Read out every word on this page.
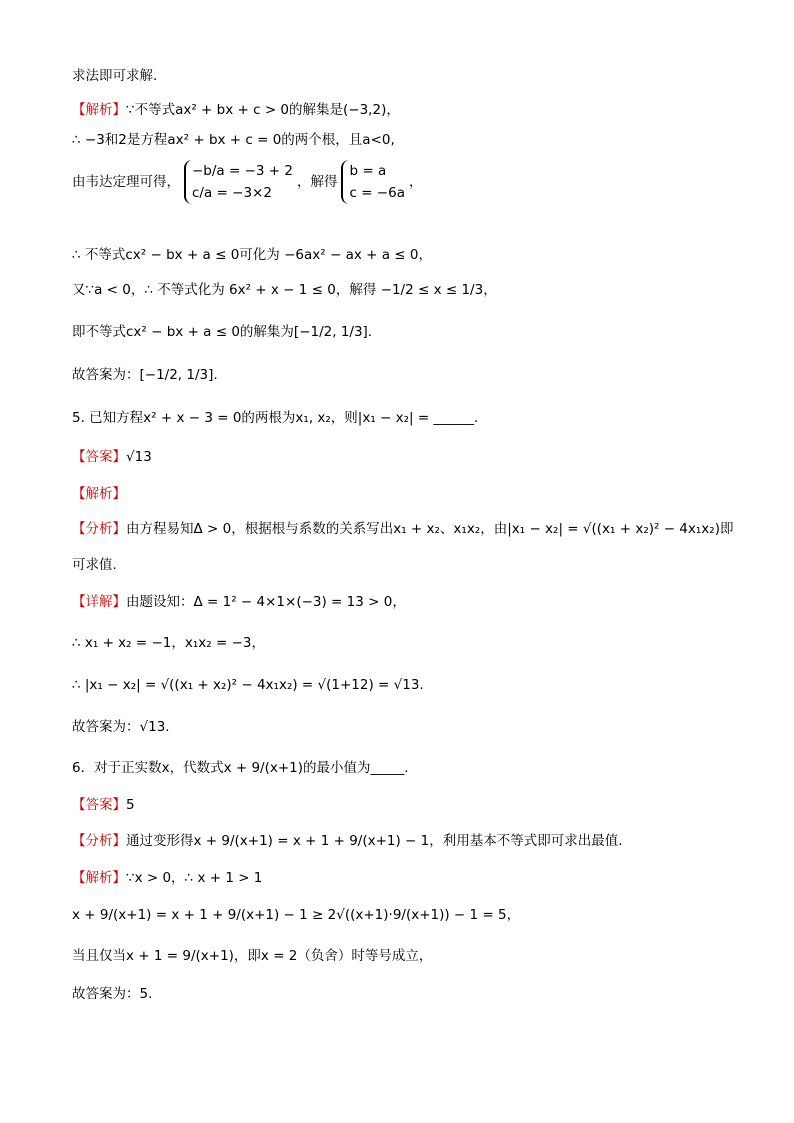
求法即可求解.
【解析】∵不等式ax² + bx + c > 0的解集是(−3,2)，
∴ −3和2是方程ax² + bx + c = 0的两个根，且a<0,
由韦达定理可得，
−b/a = −3 + 2
c/a = −3×2
，解得
b = a
c = −6a
，
∴ 不等式cx² − bx + a ≤ 0可化为 −6ax² − ax + a ≤ 0，
又∵a < 0，∴ 不等式化为 6x² + x − 1 ≤ 0，解得 −1/2 ≤ x ≤ 1/3，
即不等式cx² − bx + a ≤ 0的解集为[−1/2, 1/3].
故答案为：[−1/2, 1/3].
5. 已知方程x² + x − 3 = 0的两根为x₁, x₂，则|x₁ − x₂| = ______.
【答案】√13
【解析】
【分析】由方程易知Δ > 0，根据根与系数的关系写出x₁ + x₂、x₁x₂，由|x₁ − x₂| = √((x₁ + x₂)² − 4x₁x₂)即
可求值.
【详解】由题设知：Δ = 1² − 4×1×(−3) = 13 > 0，
∴ x₁ + x₂ = −1，x₁x₂ = −3，
∴ |x₁ − x₂| = √((x₁ + x₂)² − 4x₁x₂) = √(1+12) = √13.
故答案为：√13.
6．对于正实数x，代数式x + 9/(x+1)的最小值为_____.
【答案】5
【分析】通过变形得x + 9/(x+1) = x + 1 + 9/(x+1) − 1，利用基本不等式即可求出最值.
【解析】∵x > 0，∴ x + 1 > 1
x + 9/(x+1) = x + 1 + 9/(x+1) − 1 ≥ 2√((x+1)·9/(x+1)) − 1 = 5，
当且仅当x + 1 = 9/(x+1)，即x = 2（负舍）时等号成立，
故答案为：5.
